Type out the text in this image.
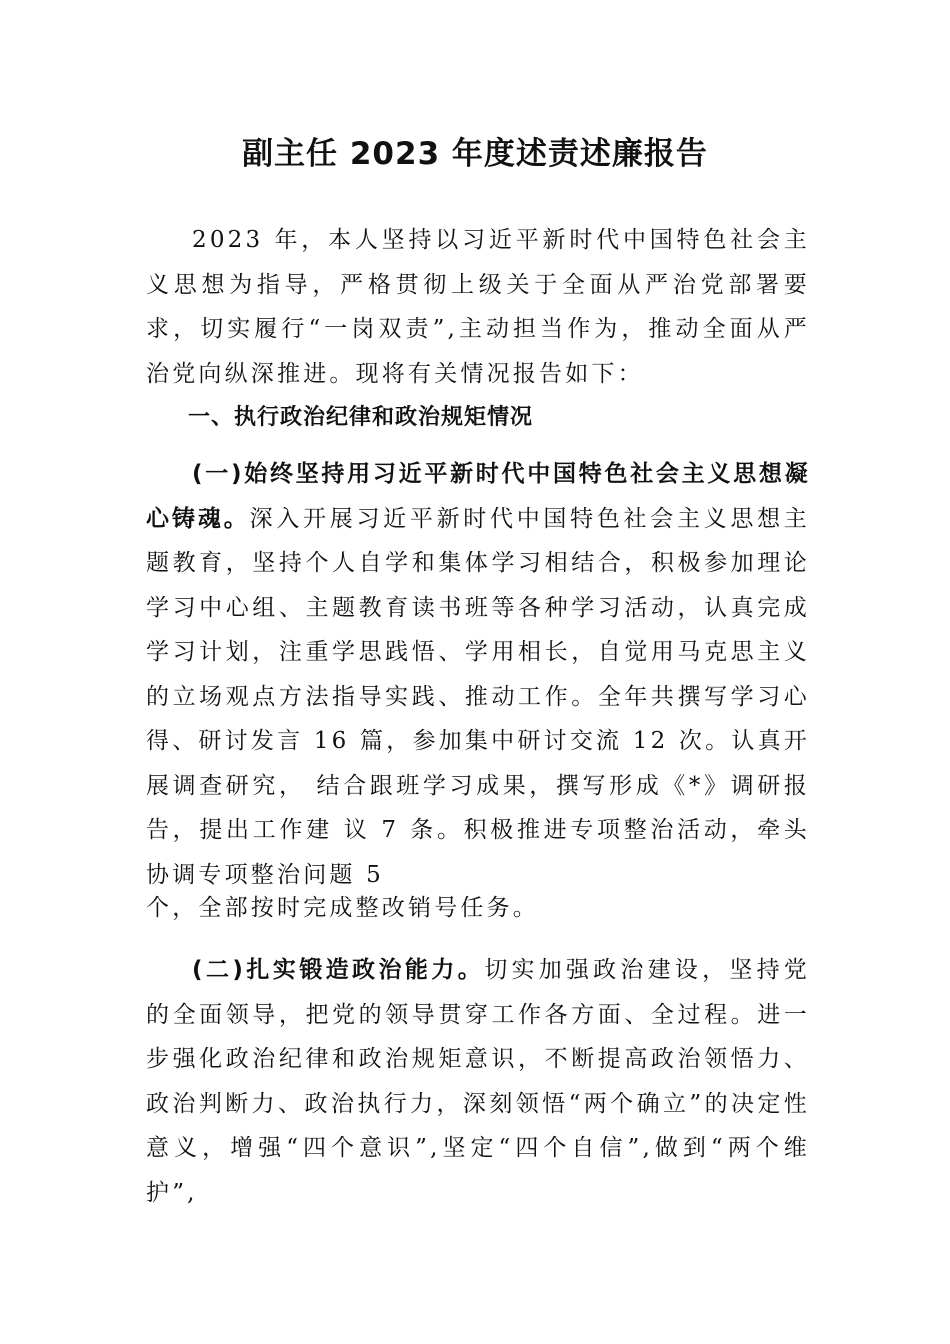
副主任 2023 年度述责述廉报告
2023 年，本人坚持以习近平新时代中国特色社会主义思想为指导，严格贯彻上级关于全面从严治党部署要求，切实履行“一岗双责”,主动担当作为，推动全面从严治党向纵深推进。现将有关情况报告如下：
一、执行政治纪律和政治规矩情况
(一)始终坚持用习近平新时代中国特色社会主义思想凝心铸魂。深入开展习近平新时代中国特色社会主义思想主题教育，坚持个人自学和集体学习相结合，积极参加理论学习中心组、主题教育读书班等各种学习活动，认真完成学习计划，注重学思践悟、学用相长，自觉用马克思主义的立场观点方法指导实践、推动工作。全年共撰写学习心得、研讨发言 16 篇，参加集中研讨交流 12 次。认真开展调查研究， 结合跟班学习成果，撰写形成《*》调研报告，提出工作建 议 7 条。积极推进专项整治活动，牵头协调专项整治问题 5
个，全部按时完成整改销号任务。
(二)扎实锻造政治能力。切实加强政治建设，坚持党的全面领导，把党的领导贯穿工作各方面、全过程。进一步强化政治纪律和政治规矩意识，不断提高政治领悟力、政治判断力、政治执行力，深刻领悟“两个确立”的决定性意义，增强“四个意识”,坚定“四个自信”,做到“两个维护”,
